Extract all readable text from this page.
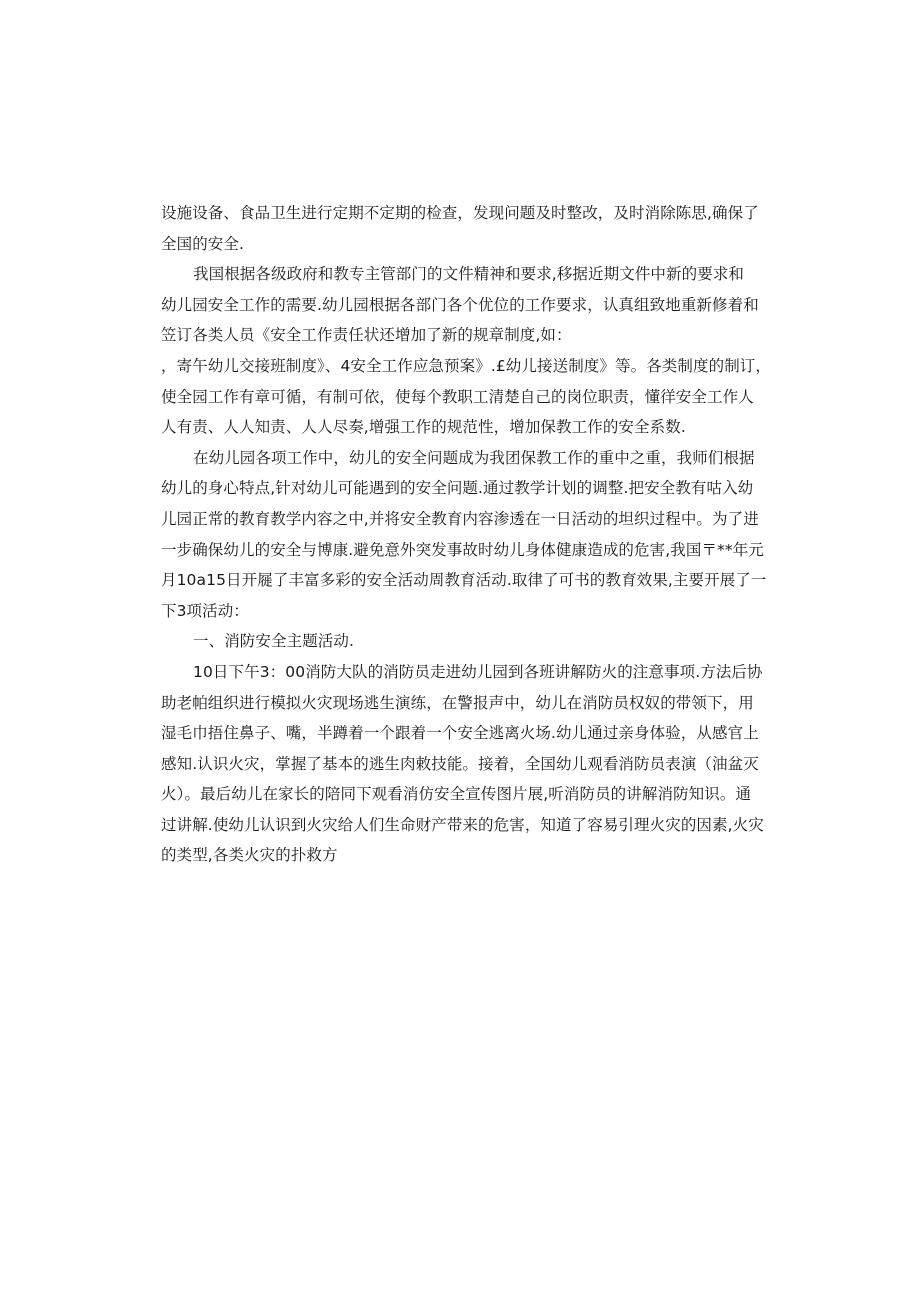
设施设备、食品卫生进行定期不定期的检查，发现问题及时整改，及时消除陈思,确保了
全国的安全.
我国根据各级政府和教专主管部门的文件精神和要求,移据近期文件中新的要求和
幼儿园安全工作的需要.幼儿园根据各部门各个优位的工作要求，认真组致地重新修着和
笠订各类人员《安全工作责任状还增加了新的规章制度,如：
，寄午幼儿交接班制度》、4安全工作应急预案》.£幼儿接送制度》等。各类制度的制订，
使全园工作有章可循，有制可依，使每个教职工清楚自己的岗位职责，懂徉安全工作人
人有责、人人知责、人人尽奏,增强工作的规范性，增加保教工作的安全系数.
在幼儿园各项工作中，幼儿的安全问题成为我团保教工作的重中之重，我师们根据
幼儿的身心特点,针对幼儿可能遇到的安全问题.通过教学计划的调整.把安全教有咕入幼
儿园正常的教育教学内容之中,并将安全教育内容渗透在一日活动的坦织过程中。为了进
一步确保幼儿的安全与博康.避免意外突发事故时幼儿身体健康造成的危害,我国〒**年元
月10a15日开屣了丰富多彩的安全活动周教育活动.取律了可书的教育效果,主要开展了一
下3项活动：
一、消防安全主题活动.
10日下午3：00消防大队的消防员走进幼儿园到各班讲解防火的注意事项.方法后协
助老帕组织进行模拟火灾现场逃生演练，在警报声中，幼儿在消防员权奴的带领下，用
湿毛巾捂住鼻子、嘴，半蹲着一个跟着一个安全逃离火场.幼儿通过亲身体验，从感官上
感知.认识火灾，掌握了基本的逃生肉敕技能。接着，全国幼儿观看消防员表演（油盆灭
火）。最后幼儿在家长的陪同下观看消仿安全宣传图片展,听消防员的讲解消防知识。通
过讲解.使幼儿认识到火灾给人们生命财产带来的危害，知道了容易引理火灾的因素,火灾
的类型,各类火灾的扑救方
